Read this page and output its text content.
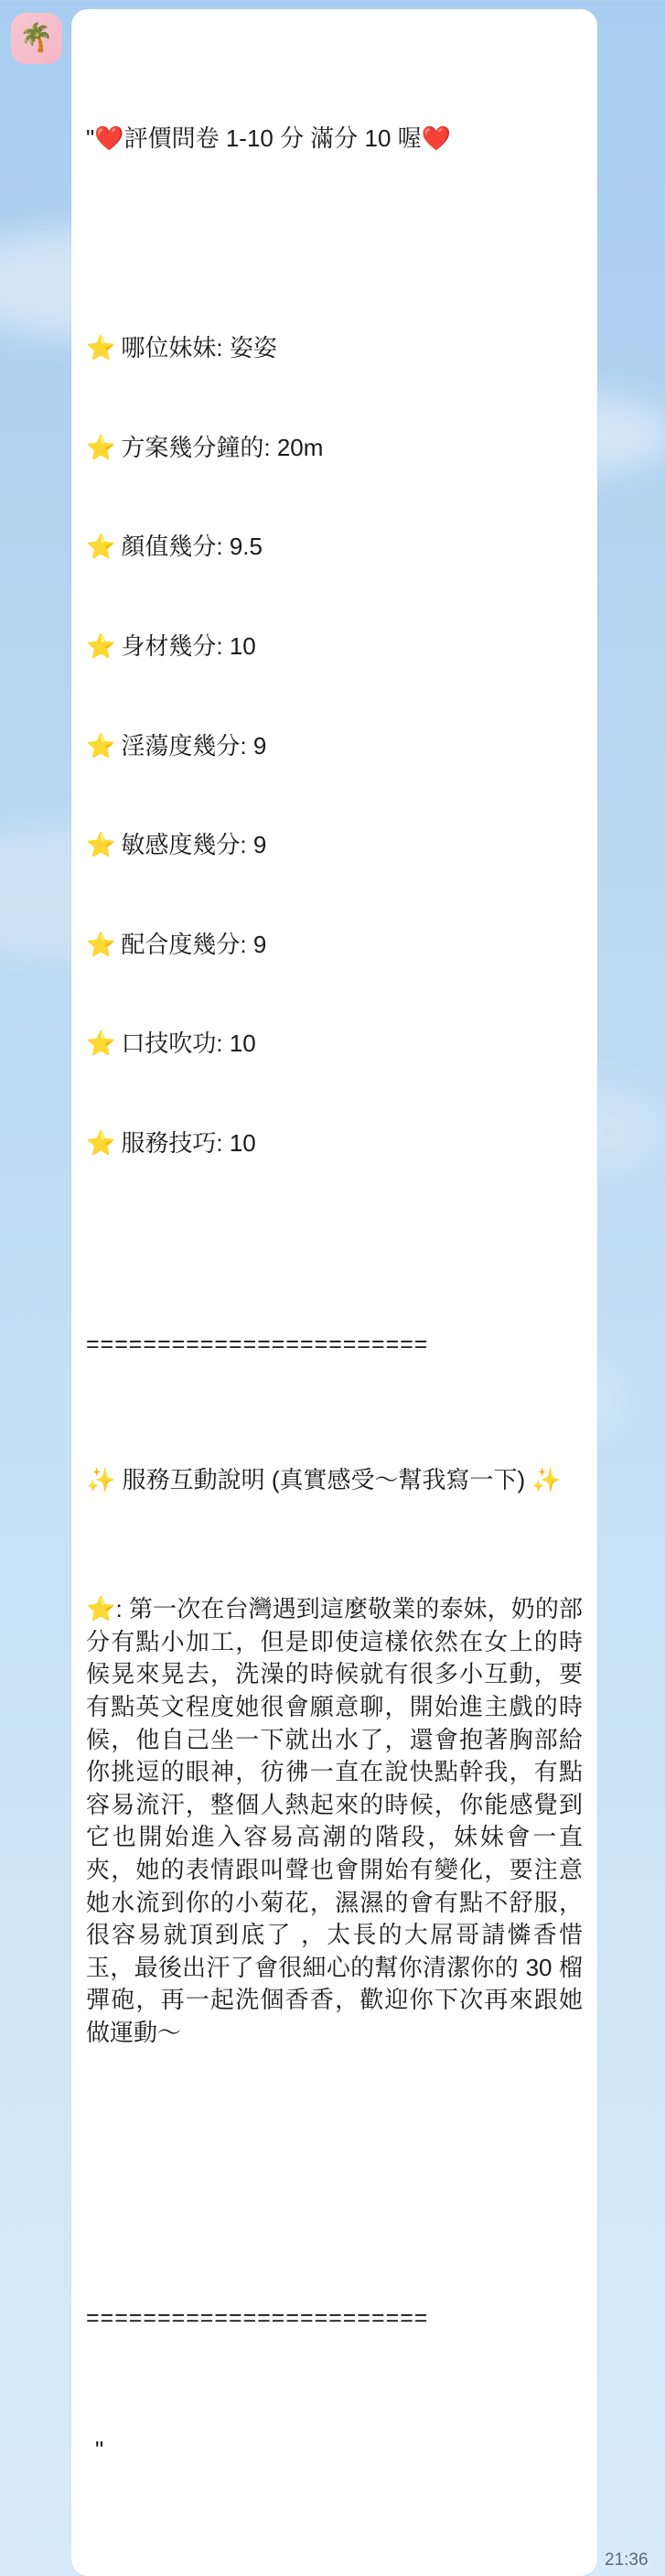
🌴

"❤️評價問卷 1-10 分 滿分 10 喔❤️

⭐ 哪位妹妹: 姿姿

⭐ 方案幾分鐘的: 20m

⭐ 顏值幾分: 9.5

⭐ 身材幾分: 10

⭐ 淫蕩度幾分: 9

⭐ 敏感度幾分: 9

⭐ 配合度幾分: 9

⭐ 口技吹功: 10

⭐ 服務技巧: 10

========================

✨ 服務互動說明 (真實感受～幫我寫一下) ✨

⭐: 第一次在台灣遇到這麼敬業的泰妹，奶的部分有點小加工，但是即使這樣依然在女上的時候晃來晃去，洗澡的時候就有很多小互動，要有點英文程度她很會願意聊，開始進主戲的時候，他自己坐一下就出水了，還會抱著胸部給你挑逗的眼神，彷彿一直在說快點幹我，有點容易流汗，整個人熱起來的時候，你能感覺到它也開始進入容易高潮的階段，妹妹會一直夾，她的表情跟叫聲也會開始有變化，要注意她水流到你的小菊花，濕濕的會有點不舒服，很容易就頂到底了 ，太長的大屌哥請憐香惜玉，最後出汗了會很細心的幫你清潔你的 30 榴彈砲，再一起洗個香香，歡迎你下次再來跟她做運動～

========================

"

21:36
